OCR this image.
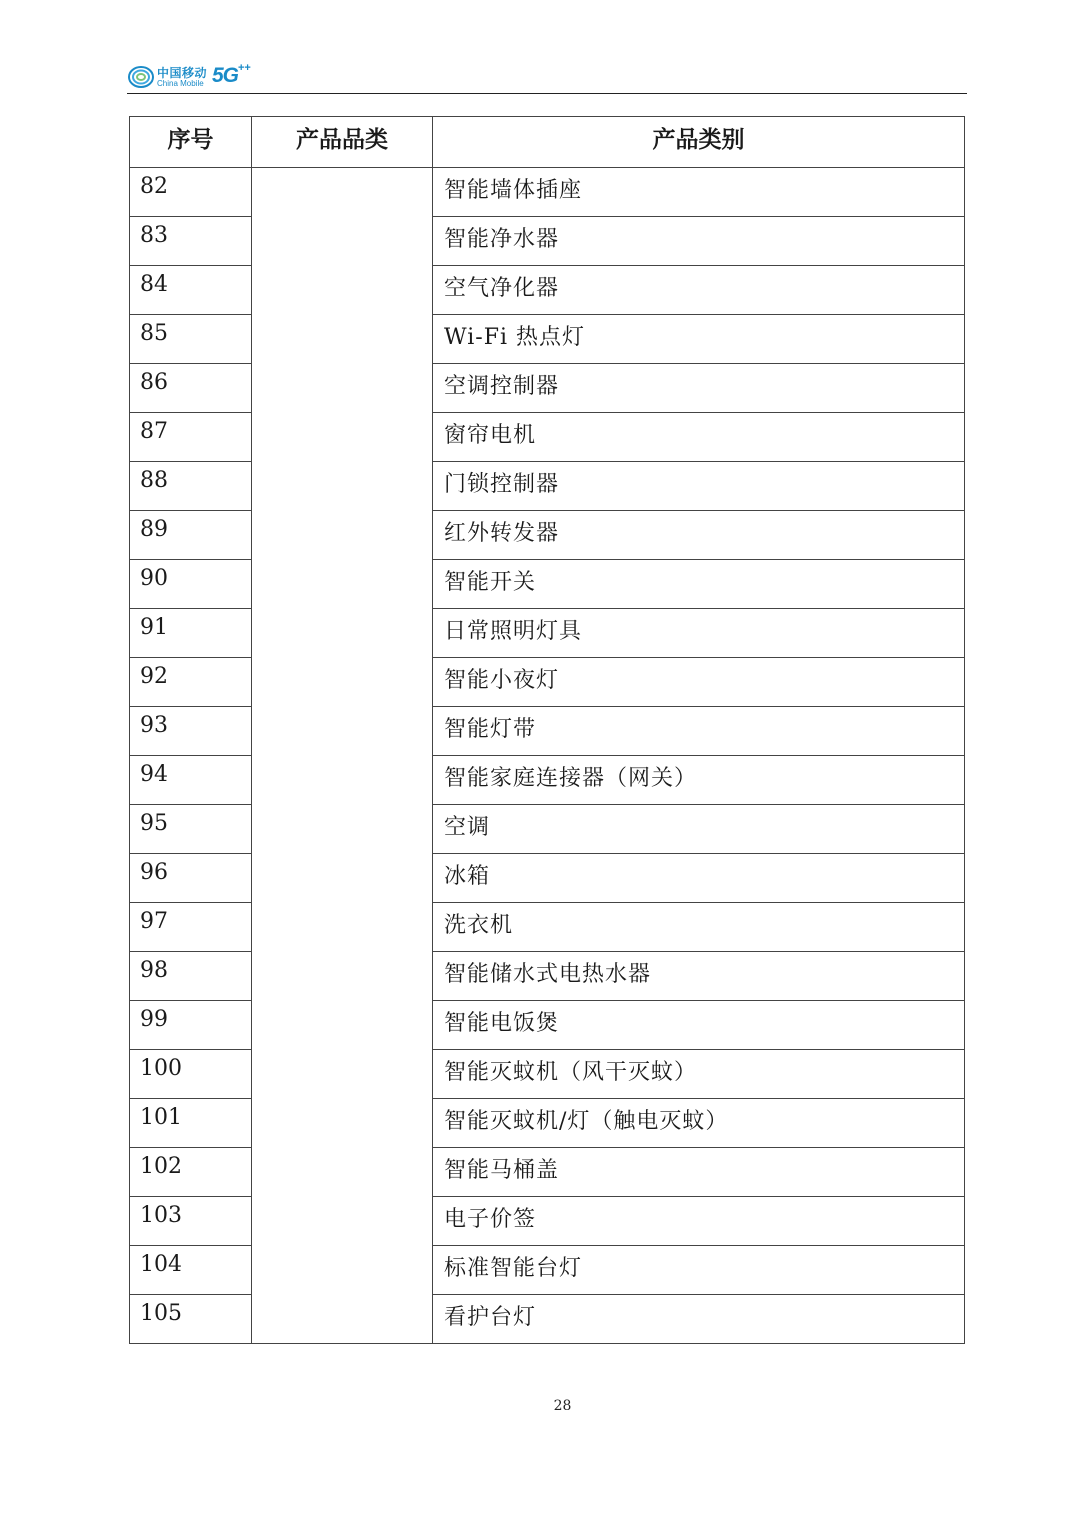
中国移动
China Mobile 5G ++
序号	产品品类	产品类别
82		智能墙体插座
83		智能净水器
84		空气净化器
85		Wi-Fi 热点灯
86		空调控制器
87		窗帘电机
88		门锁控制器
89		红外转发器
90		智能开关
91		日常照明灯具
92		智能小夜灯
93		智能灯带
94		智能家庭连接器（网关）
95		空调
96		冰箱
97		洗衣机
98		智能储水式电热水器
99		智能电饭煲
100		智能灭蚊机（风干灭蚊）
101		智能灭蚊机/灯（触电灭蚊）
102		智能马桶盖
103		电子价签
104		标准智能台灯
105		看护台灯
28
